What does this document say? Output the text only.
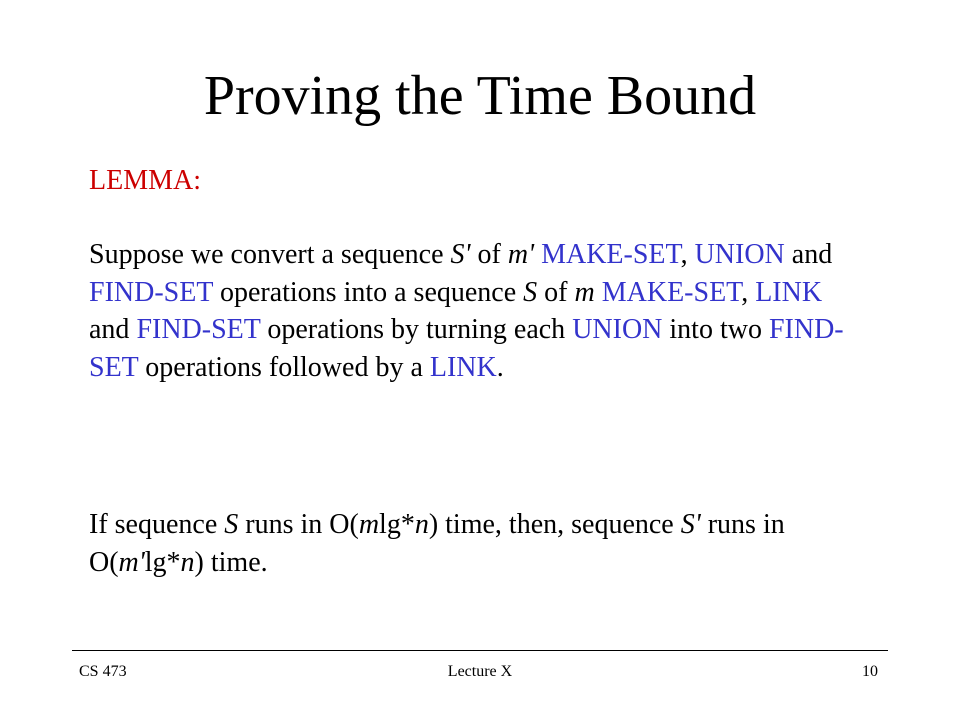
Proving the Time Bound
LEMMA:
Suppose we convert a sequence S' of m' MAKE-SET, UNION and FIND-SET operations into a sequence S of m MAKE-SET, LINK and FIND-SET operations by turning each UNION into two FIND-SET operations followed by a LINK.
If sequence S runs in O(mlg*n) time, then, sequence S' runs in O(m'lg*n) time.
CS 473	Lecture X	10
